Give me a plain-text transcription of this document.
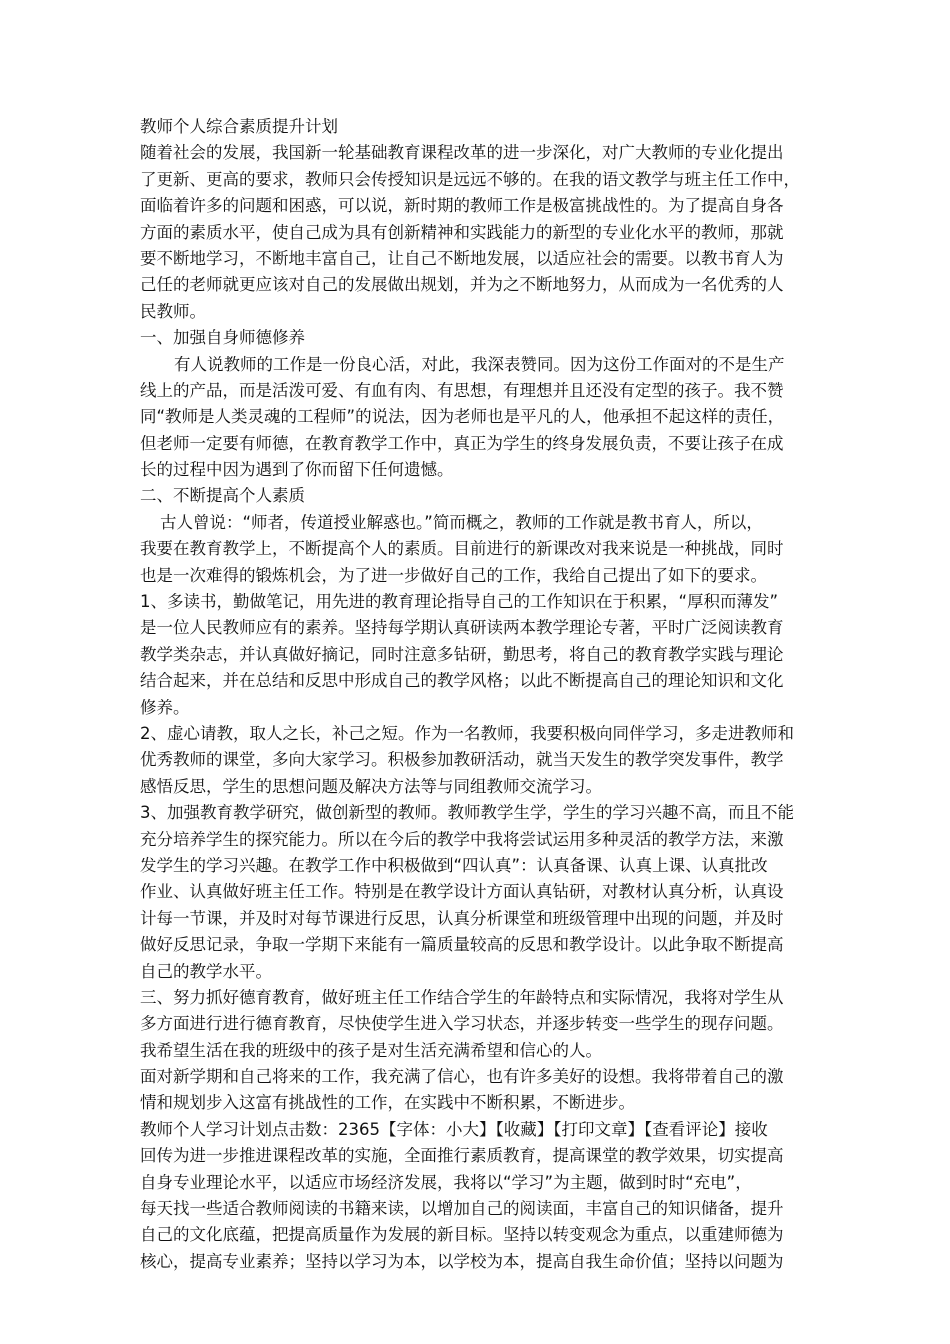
教师个人综合素质提升计划
随着社会的发展，我国新一轮基础教育课程改革的进一步深化，对广大教师的专业化提出
了更新、更高的要求，教师只会传授知识是远远不够的。在我的语文教学与班主任工作中，
面临着许多的问题和困惑，可以说，新时期的教师工作是极富挑战性的。为了提高自身各
方面的素质水平，使自己成为具有创新精神和实践能力的新型的专业化水平的教师，那就
要不断地学习，不断地丰富自己，让自己不断地发展，以适应社会的需要。以教书育人为
己任的老师就更应该对自己的发展做出规划，并为之不断地努力，从而成为一名优秀的人
民教师。
一、加强自身师德修养
有人说教师的工作是一份良心活，对此，我深表赞同。因为这份工作面对的不是生产
线上的产品，而是活泼可爱、有血有肉、有思想，有理想并且还没有定型的孩子。我不赞
同“教师是人类灵魂的工程师”的说法，因为老师也是平凡的人，他承担不起这样的责任，
但老师一定要有师德，在教育教学工作中，真正为学生的终身发展负责，不要让孩子在成
长的过程中因为遇到了你而留下任何遗憾。
二、不断提高个人素质
古人曾说：“师者，传道授业解惑也。”简而概之，教师的工作就是教书育人，所以，
我要在教育教学上，不断提高个人的素质。目前进行的新课改对我来说是一种挑战，同时
也是一次难得的锻炼机会，为了进一步做好自己的工作，我给自己提出了如下的要求。
1、多读书，勤做笔记，用先进的教育理论指导自己的工作知识在于积累，“厚积而薄发”
是一位人民教师应有的素养。坚持每学期认真研读两本教学理论专著，平时广泛阅读教育
教学类杂志，并认真做好摘记，同时注意多钻研，勤思考，将自己的教育教学实践与理论
结合起来，并在总结和反思中形成自己的教学风格；以此不断提高自己的理论知识和文化
修养。
2、虚心请教，取人之长，补己之短。作为一名教师，我要积极向同伴学习，多走进教师和
优秀教师的课堂，多向大家学习。积极参加教研活动，就当天发生的教学突发事件，教学
感悟反思，学生的思想问题及解决方法等与同组教师交流学习。
3、加强教育教学研究，做创新型的教师。教师教学生学，学生的学习兴趣不高，而且不能
充分培养学生的探究能力。所以在今后的教学中我将尝试运用多种灵活的教学方法，来激
发学生的学习兴趣。在教学工作中积极做到“四认真”：认真备课、认真上课、认真批改
作业、认真做好班主任工作。特别是在教学设计方面认真钻研，对教材认真分析，认真设
计每一节课，并及时对每节课进行反思，认真分析课堂和班级管理中出现的问题，并及时
做好反思记录，争取一学期下来能有一篇质量较高的反思和教学设计。以此争取不断提高
自己的教学水平。
三、努力抓好德育教育，做好班主任工作结合学生的年龄特点和实际情况，我将对学生从
多方面进行进行德育教育，尽快使学生进入学习状态，并逐步转变一些学生的现存问题。
我希望生活在我的班级中的孩子是对生活充满希望和信心的人。
面对新学期和自己将来的工作，我充满了信心，也有许多美好的设想。我将带着自己的激
情和规划步入这富有挑战性的工作，在实践中不断积累，不断进步。
教师个人学习计划点击数：2365【字体：小大】【收藏】【打印文章】【查看评论】接收
回传为进一步推进课程改革的实施，全面推行素质教育，提高课堂的教学效果，切实提高
自身专业理论水平，以适应市场经济发展，我将以“学习”为主题，做到时时“充电”，
每天找一些适合教师阅读的书籍来读，以增加自己的阅读面，丰富自己的知识储备，提升
自己的文化底蕴，把提高质量作为发展的新目标。坚持以转变观念为重点，以重建师德为
核心，提高专业素养；坚持以学习为本，以学校为本，提高自我生命价值；坚持以问题为
